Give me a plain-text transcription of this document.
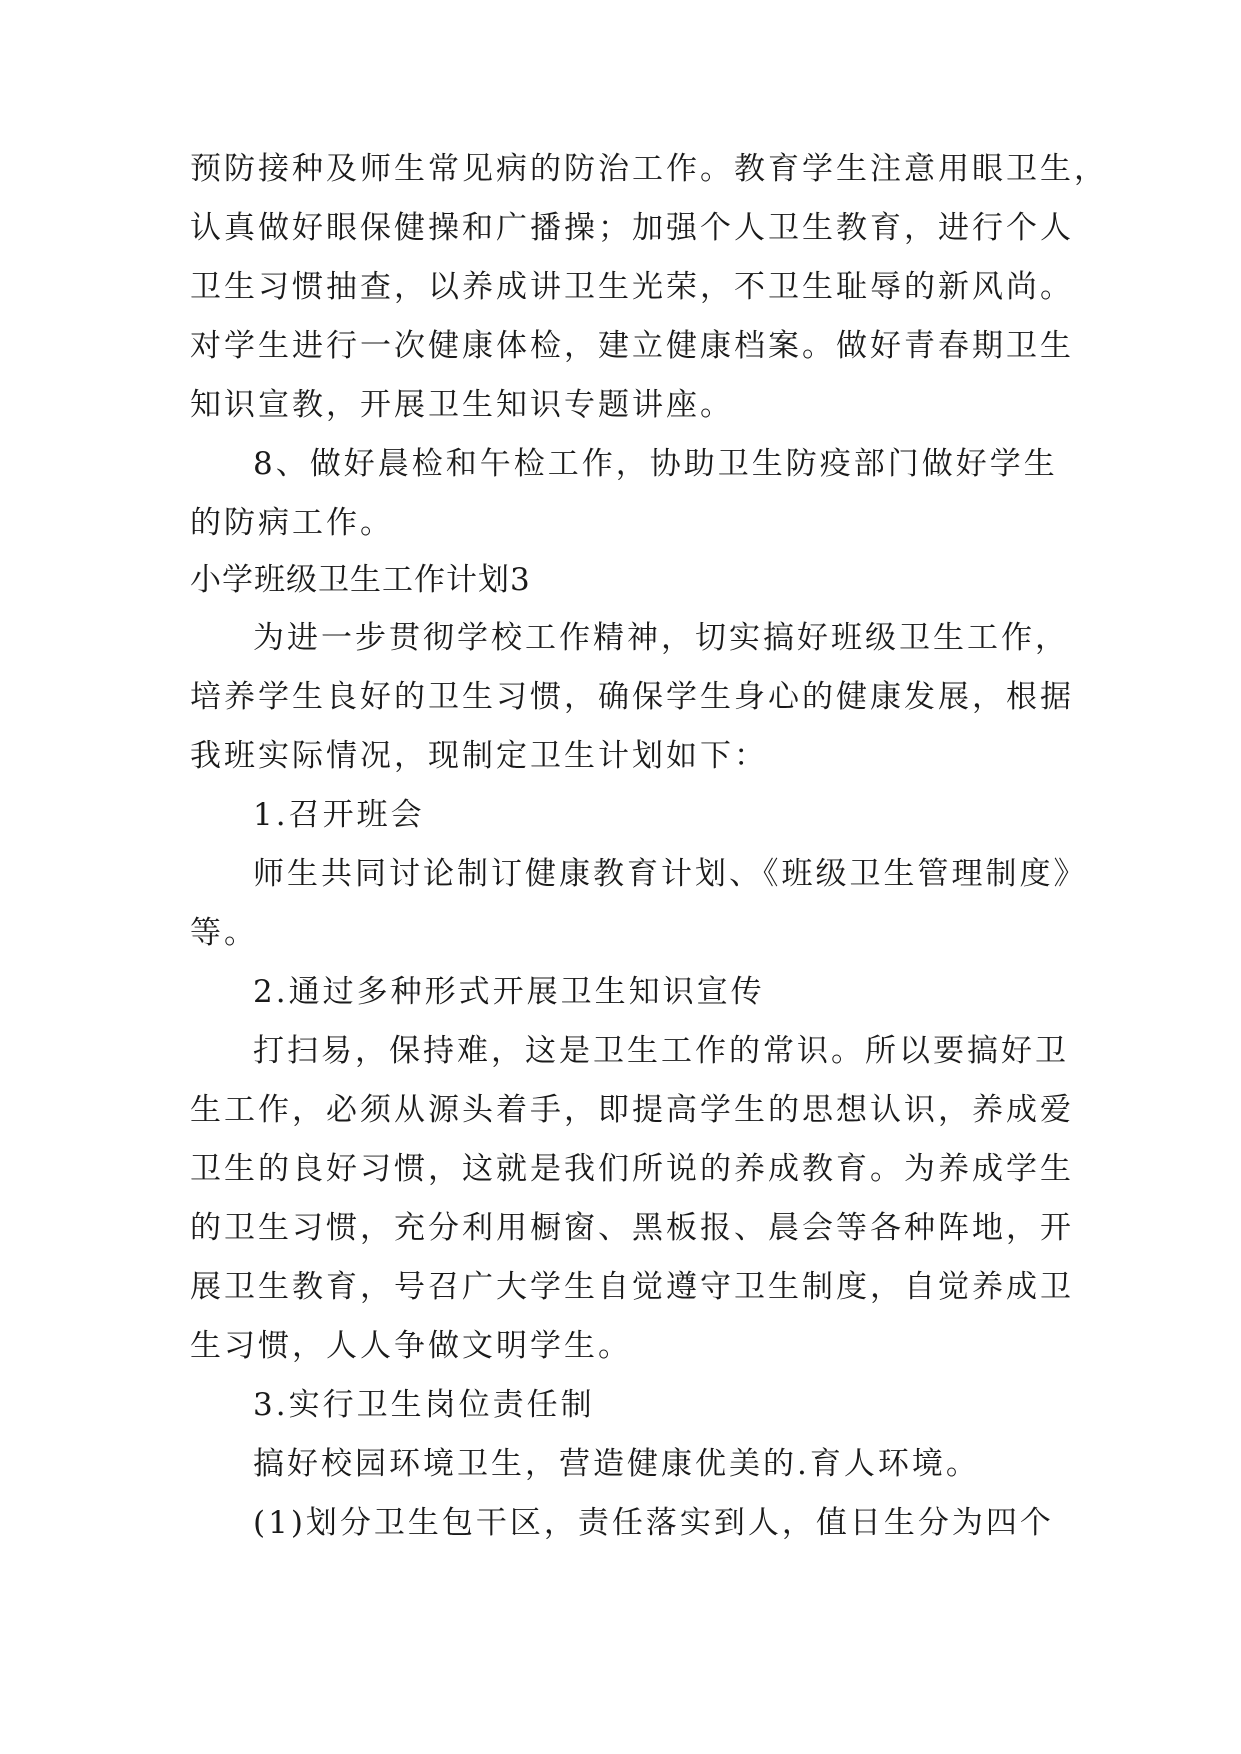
预防接种及师生常见病的防治工作。教育学生注意用眼卫生，
认真做好眼保健操和广播操；加强个人卫生教育，进行个人
卫生习惯抽查，以养成讲卫生光荣，不卫生耻辱的新风尚。
对学生进行一次健康体检，建立健康档案。做好青春期卫生
知识宣教，开展卫生知识专题讲座。
8、做好晨检和午检工作，协助卫生防疫部门做好学生
的防病工作。
小学班级卫生工作计划3
为进一步贯彻学校工作精神，切实搞好班级卫生工作，
培养学生良好的卫生习惯，确保学生身心的健康发展，根据
我班实际情况，现制定卫生计划如下：
1.召开班会
师生共同讨论制订健康教育计划、《班级卫生管理制度》
等。
2.通过多种形式开展卫生知识宣传
打扫易，保持难，这是卫生工作的常识。所以要搞好卫
生工作，必须从源头着手，即提高学生的思想认识，养成爱
卫生的良好习惯，这就是我们所说的养成教育。为养成学生
的卫生习惯，充分利用橱窗、黑板报、晨会等各种阵地，开
展卫生教育，号召广大学生自觉遵守卫生制度，自觉养成卫
生习惯，人人争做文明学生。
3.实行卫生岗位责任制
搞好校园环境卫生，营造健康优美的.育人环境。
(1)划分卫生包干区，责任落实到人，值日生分为四个
